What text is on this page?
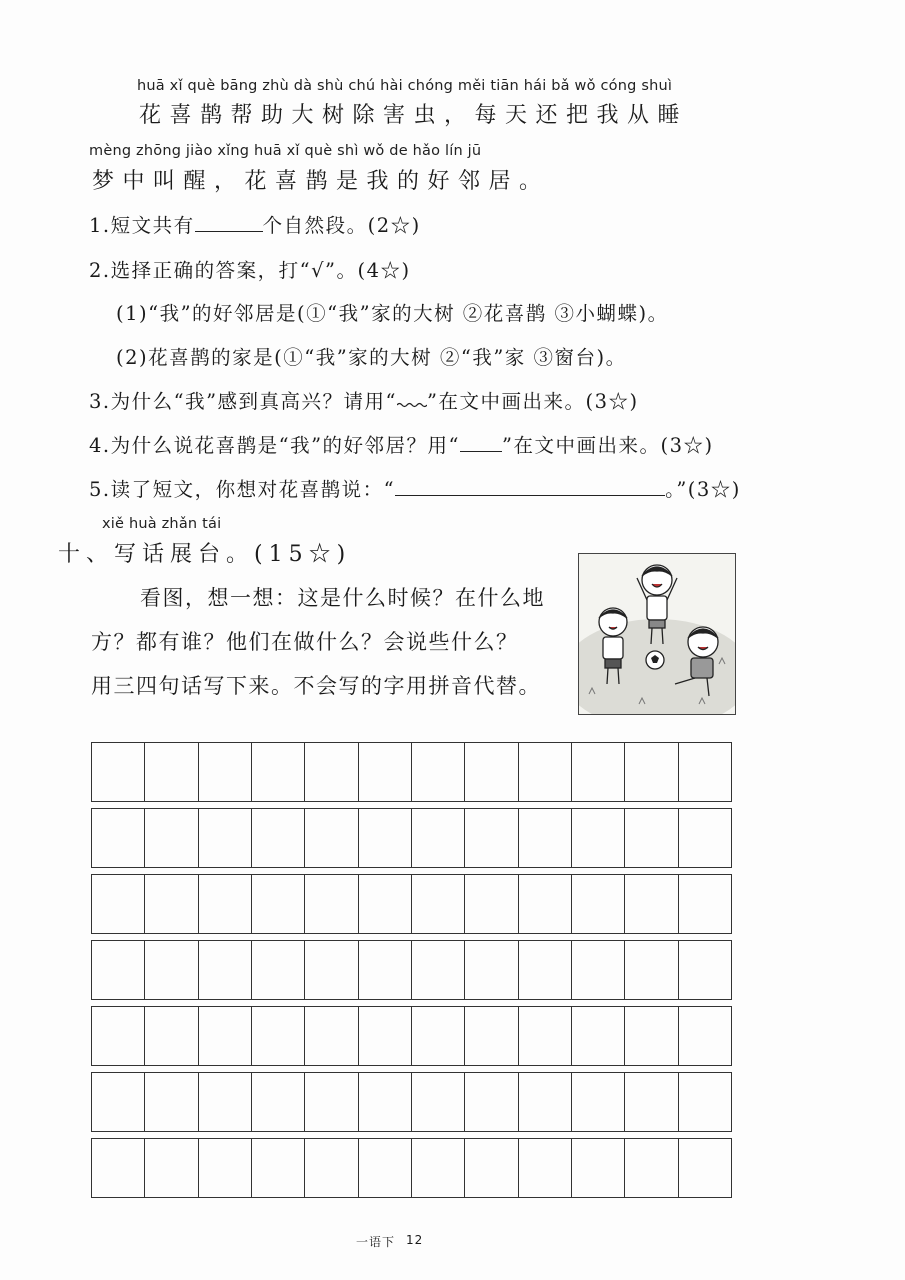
huā xǐ què bāng zhù dà shù chú hài chóng měi tiān hái bǎ wǒ cóng shuì
花喜鹊帮助大树除害虫，每天还把我从睡
mèng zhōng jiào xǐng huā xǐ què shì wǒ de hǎo lín jū
梦中叫醒，花喜鹊是我的好邻居。
1.短文共有	个自然段。(2☆)
2.选择正确的答案，打“√”。(4☆)
(1)“我”的好邻居是(①“我”家的大树 ②花喜鹊 ③小蝴蝶)。
(2)花喜鹊的家是(①“我”家的大树 ②“我”家 ③窗台)。
3.为什么“我”感到真高兴？请用“ ”在文中画出来。(3☆)
4.为什么说花喜鹊是“我”的好邻居？用“ ”在文中画出来。(3☆)
5.读了短文，你想对花喜鹊说：“	。”(3☆)
xiě huà zhǎn tái
十、写话展台。(15☆)
看图，想一想：这是什么时候？在什么地
方？都有谁？他们在做什么？会说些什么？
用三四句话写下来。不会写的字用拼音代替。
一语下 12
